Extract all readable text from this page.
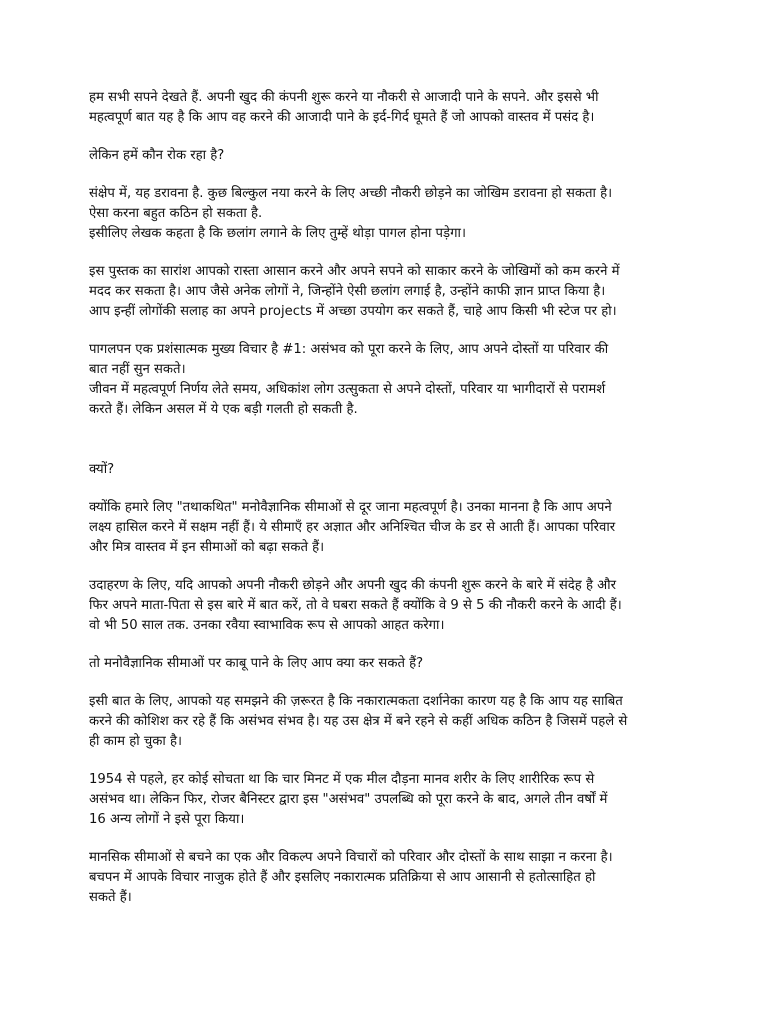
हम सभी सपने देखते हैं. अपनी खुद की कंपनी शुरू करने या नौकरी से आजादी पाने के सपने. और इससे भी
महत्वपूर्ण बात यह है कि आप वह करने की आजादी पाने के इर्द-गिर्द घूमते हैं जो आपको वास्तव में पसंद है।

लेकिन हमें कौन रोक रहा है?

संक्षेप में, यह डरावना है. कुछ बिल्कुल नया करने के लिए अच्छी नौकरी छोड़ने का जोखिम डरावना हो सकता है।
ऐसा करना बहुत कठिन हो सकता है.
इसीलिए लेखक कहता है कि छलांग लगाने के लिए तुम्हें थोड़ा पागल होना पड़ेगा।

इस पुस्तक का सारांश आपको रास्ता आसान करने और अपने सपने को साकार करने के जोखिमों को कम करने में
मदद कर सकता है। आप जैसे अनेक लोगों ने, जिन्होंने ऐसी छलांग लगाई है, उन्होंने काफी ज्ञान प्राप्त किया है।
आप इन्हीं लोगोंकी सलाह का अपने projects में अच्छा उपयोग कर सकते हैं, चाहे आप किसी भी स्टेज पर हो।

पागलपन एक प्रशंसात्मक मुख्य विचार है #1: असंभव को पूरा करने के लिए, आप अपने दोस्तों या परिवार की
बात नहीं सुन सकते।
जीवन में महत्वपूर्ण निर्णय लेते समय, अधिकांश लोग उत्सुकता से अपने दोस्तों, परिवार या भागीदारों से परामर्श
करते हैं। लेकिन असल में ये एक बड़ी गलती हो सकती है.

क्यों?

क्योंकि हमारे लिए "तथाकथित" मनोवैज्ञानिक सीमाओं से दूर जाना महत्वपूर्ण है। उनका मानना है कि आप अपने
लक्ष्य हासिल करने में सक्षम नहीं हैं। ये सीमाएँ हर अज्ञात और अनिश्चित चीज के डर से आती हैं। आपका परिवार
और मित्र वास्तव में इन सीमाओं को बढ़ा सकते हैं।

उदाहरण के लिए, यदि आपको अपनी नौकरी छोड़ने और अपनी खुद की कंपनी शुरू करने के बारे में संदेह है और
फिर अपने माता-पिता से इस बारे में बात करें, तो वे घबरा सकते हैं क्योंकि वे 9 से 5 की नौकरी करने के आदी हैं।
वो भी 50 साल तक. उनका रवैया स्वाभाविक रूप से आपको आहत करेगा।

तो मनोवैज्ञानिक सीमाओं पर काबू पाने के लिए आप क्या कर सकते हैं?

इसी बात के लिए, आपको यह समझने की ज़रूरत है कि नकारात्मकता दर्शानेका कारण यह है कि आप यह साबित
करने की कोशिश कर रहे हैं कि असंभव संभव है। यह उस क्षेत्र में बने रहने से कहीं अधिक कठिन है जिसमें पहले से
ही काम हो चुका है।

1954 से पहले, हर कोई सोचता था कि चार मिनट में एक मील दौड़ना मानव शरीर के लिए शारीरिक रूप से
असंभव था। लेकिन फिर, रोजर बैनिस्टर द्वारा इस "असंभव" उपलब्धि को पूरा करने के बाद, अगले तीन वर्षों में
16 अन्य लोगों ने इसे पूरा किया।

मानसिक सीमाओं से बचने का एक और विकल्प अपने विचारों को परिवार और दोस्तों के साथ साझा न करना है।
बचपन में आपके विचार नाजुक होते हैं और इसलिए नकारात्मक प्रतिक्रिया से आप आसानी से हतोत्साहित हो
सकते हैं।
